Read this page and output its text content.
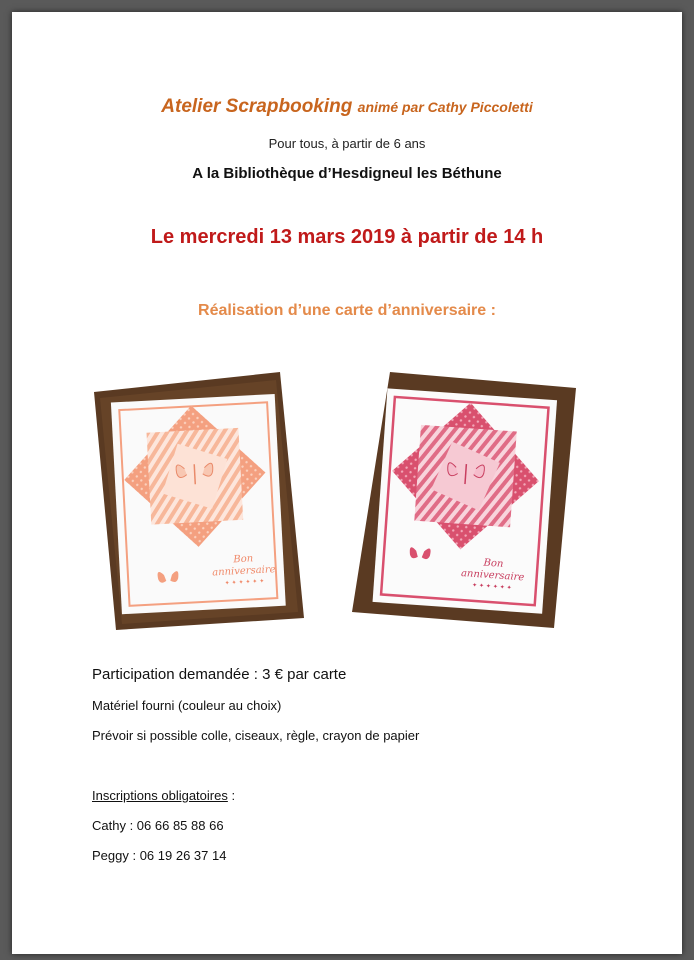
Atelier Scrapbooking animé par Cathy Piccoletti
Pour tous, à partir de 6 ans
A la Bibliothèque d’Hesdigneul les Béthune
Le mercredi 13 mars 2019 à partir de 14 h
Réalisation d’une carte d’anniversaire :
Bon
anniversaire
✦ ✦ ✦ ✦ ✦ ✦
Bon
anniversaire
✦ ✦ ✦ ✦ ✦ ✦
Participation demandée : 3 € par carte
Matériel fourni (couleur au choix)
Prévoir si possible colle, ciseaux, règle, crayon de papier
Inscriptions obligatoires :
Cathy : 06 66 85 88 66
Peggy : 06 19 26 37 14
